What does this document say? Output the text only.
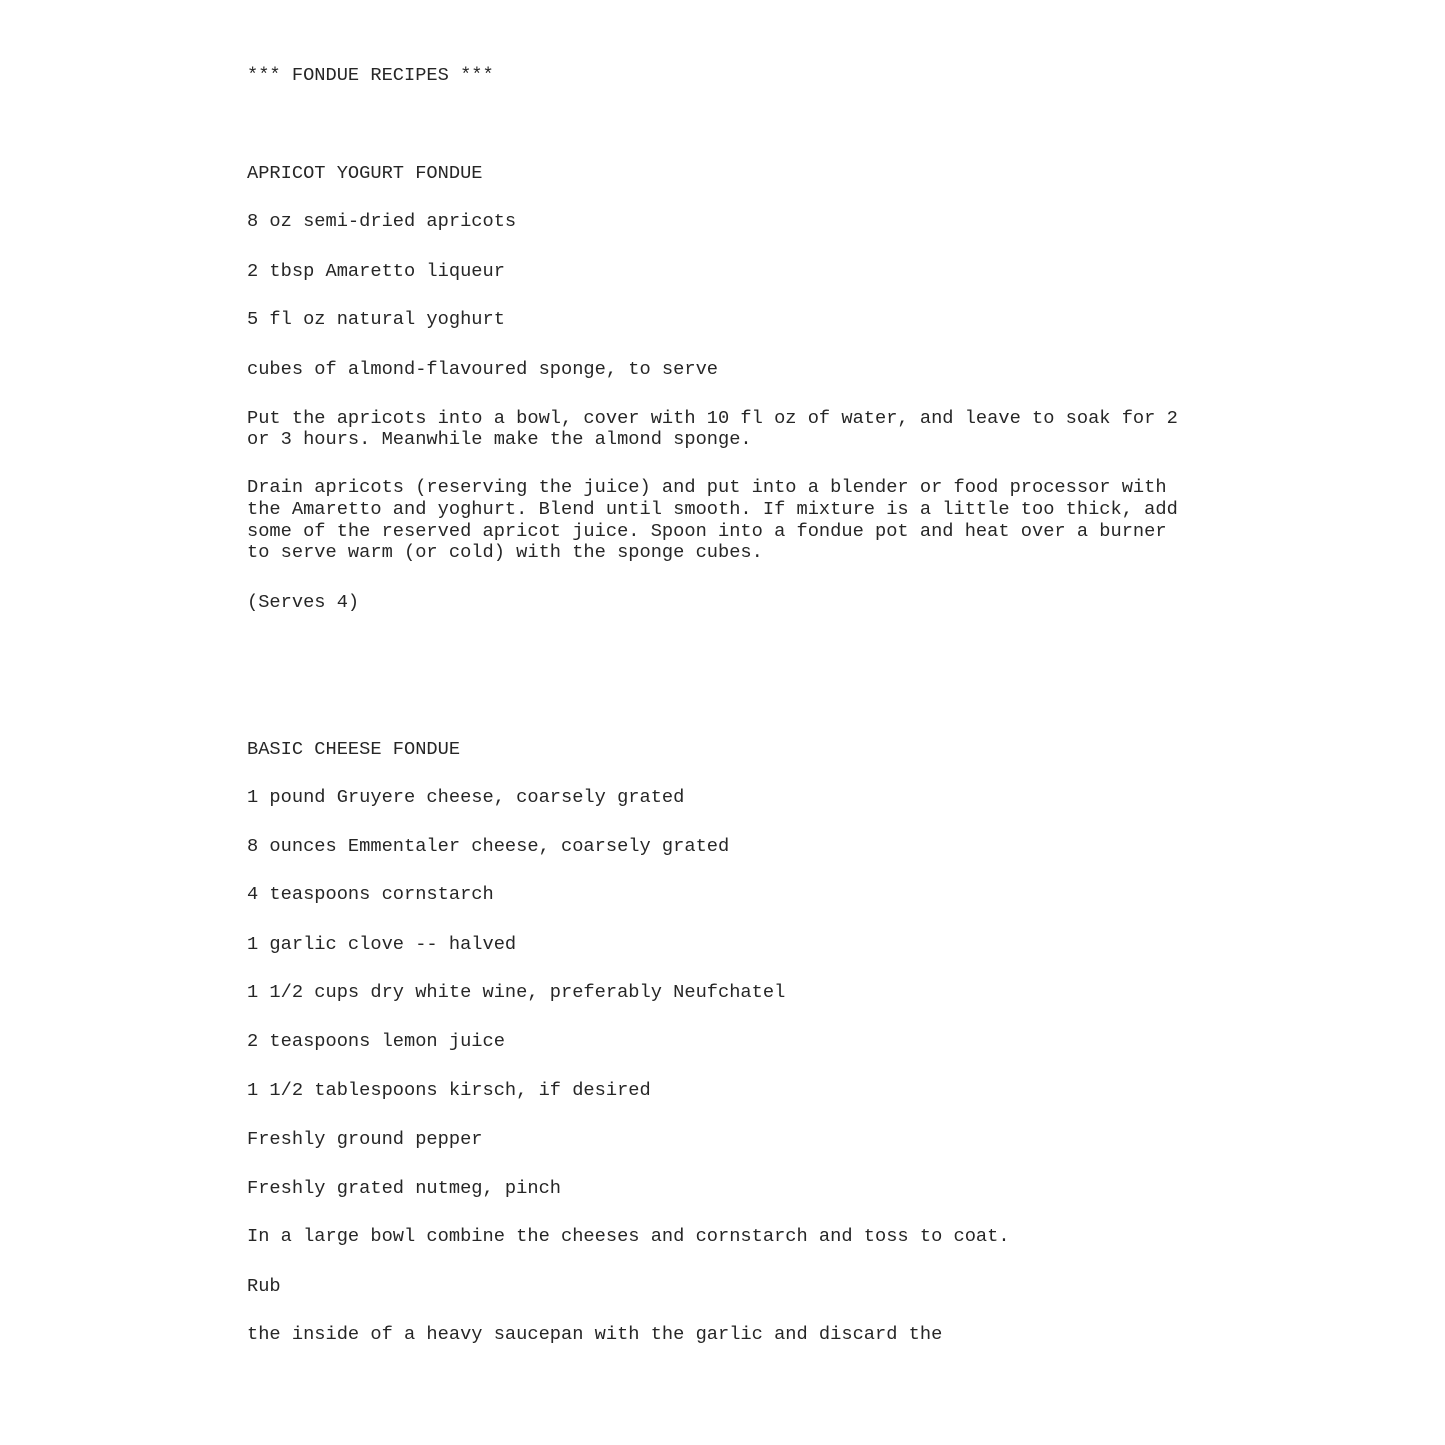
*** FONDUE RECIPES ***

APRICOT YOGURT FONDUE

8 oz semi-dried apricots

2 tbsp Amaretto liqueur

5 fl oz natural yoghurt

cubes of almond-flavoured sponge, to serve

Put the apricots into a bowl, cover with 10 fl oz of water, and leave to soak for 2

or 3 hours. Meanwhile make the almond sponge.

Drain apricots (reserving the juice) and put into a blender or food processor with

the Amaretto and yoghurt. Blend until smooth. If mixture is a little too thick, add

some of the reserved apricot juice. Spoon into a fondue pot and heat over a burner

to serve warm (or cold) with the sponge cubes.

(Serves 4)

BASIC CHEESE FONDUE

1 pound Gruyere cheese, coarsely grated

8 ounces Emmentaler cheese, coarsely grated

4 teaspoons cornstarch

1 garlic clove -- halved

1 1/2 cups dry white wine, preferably Neufchatel

2 teaspoons lemon juice

1 1/2 tablespoons kirsch, if desired

Freshly ground pepper

Freshly grated nutmeg, pinch

In a large bowl combine the cheeses and cornstarch and toss to coat.

Rub

the inside of a heavy saucepan with the garlic and discard the
